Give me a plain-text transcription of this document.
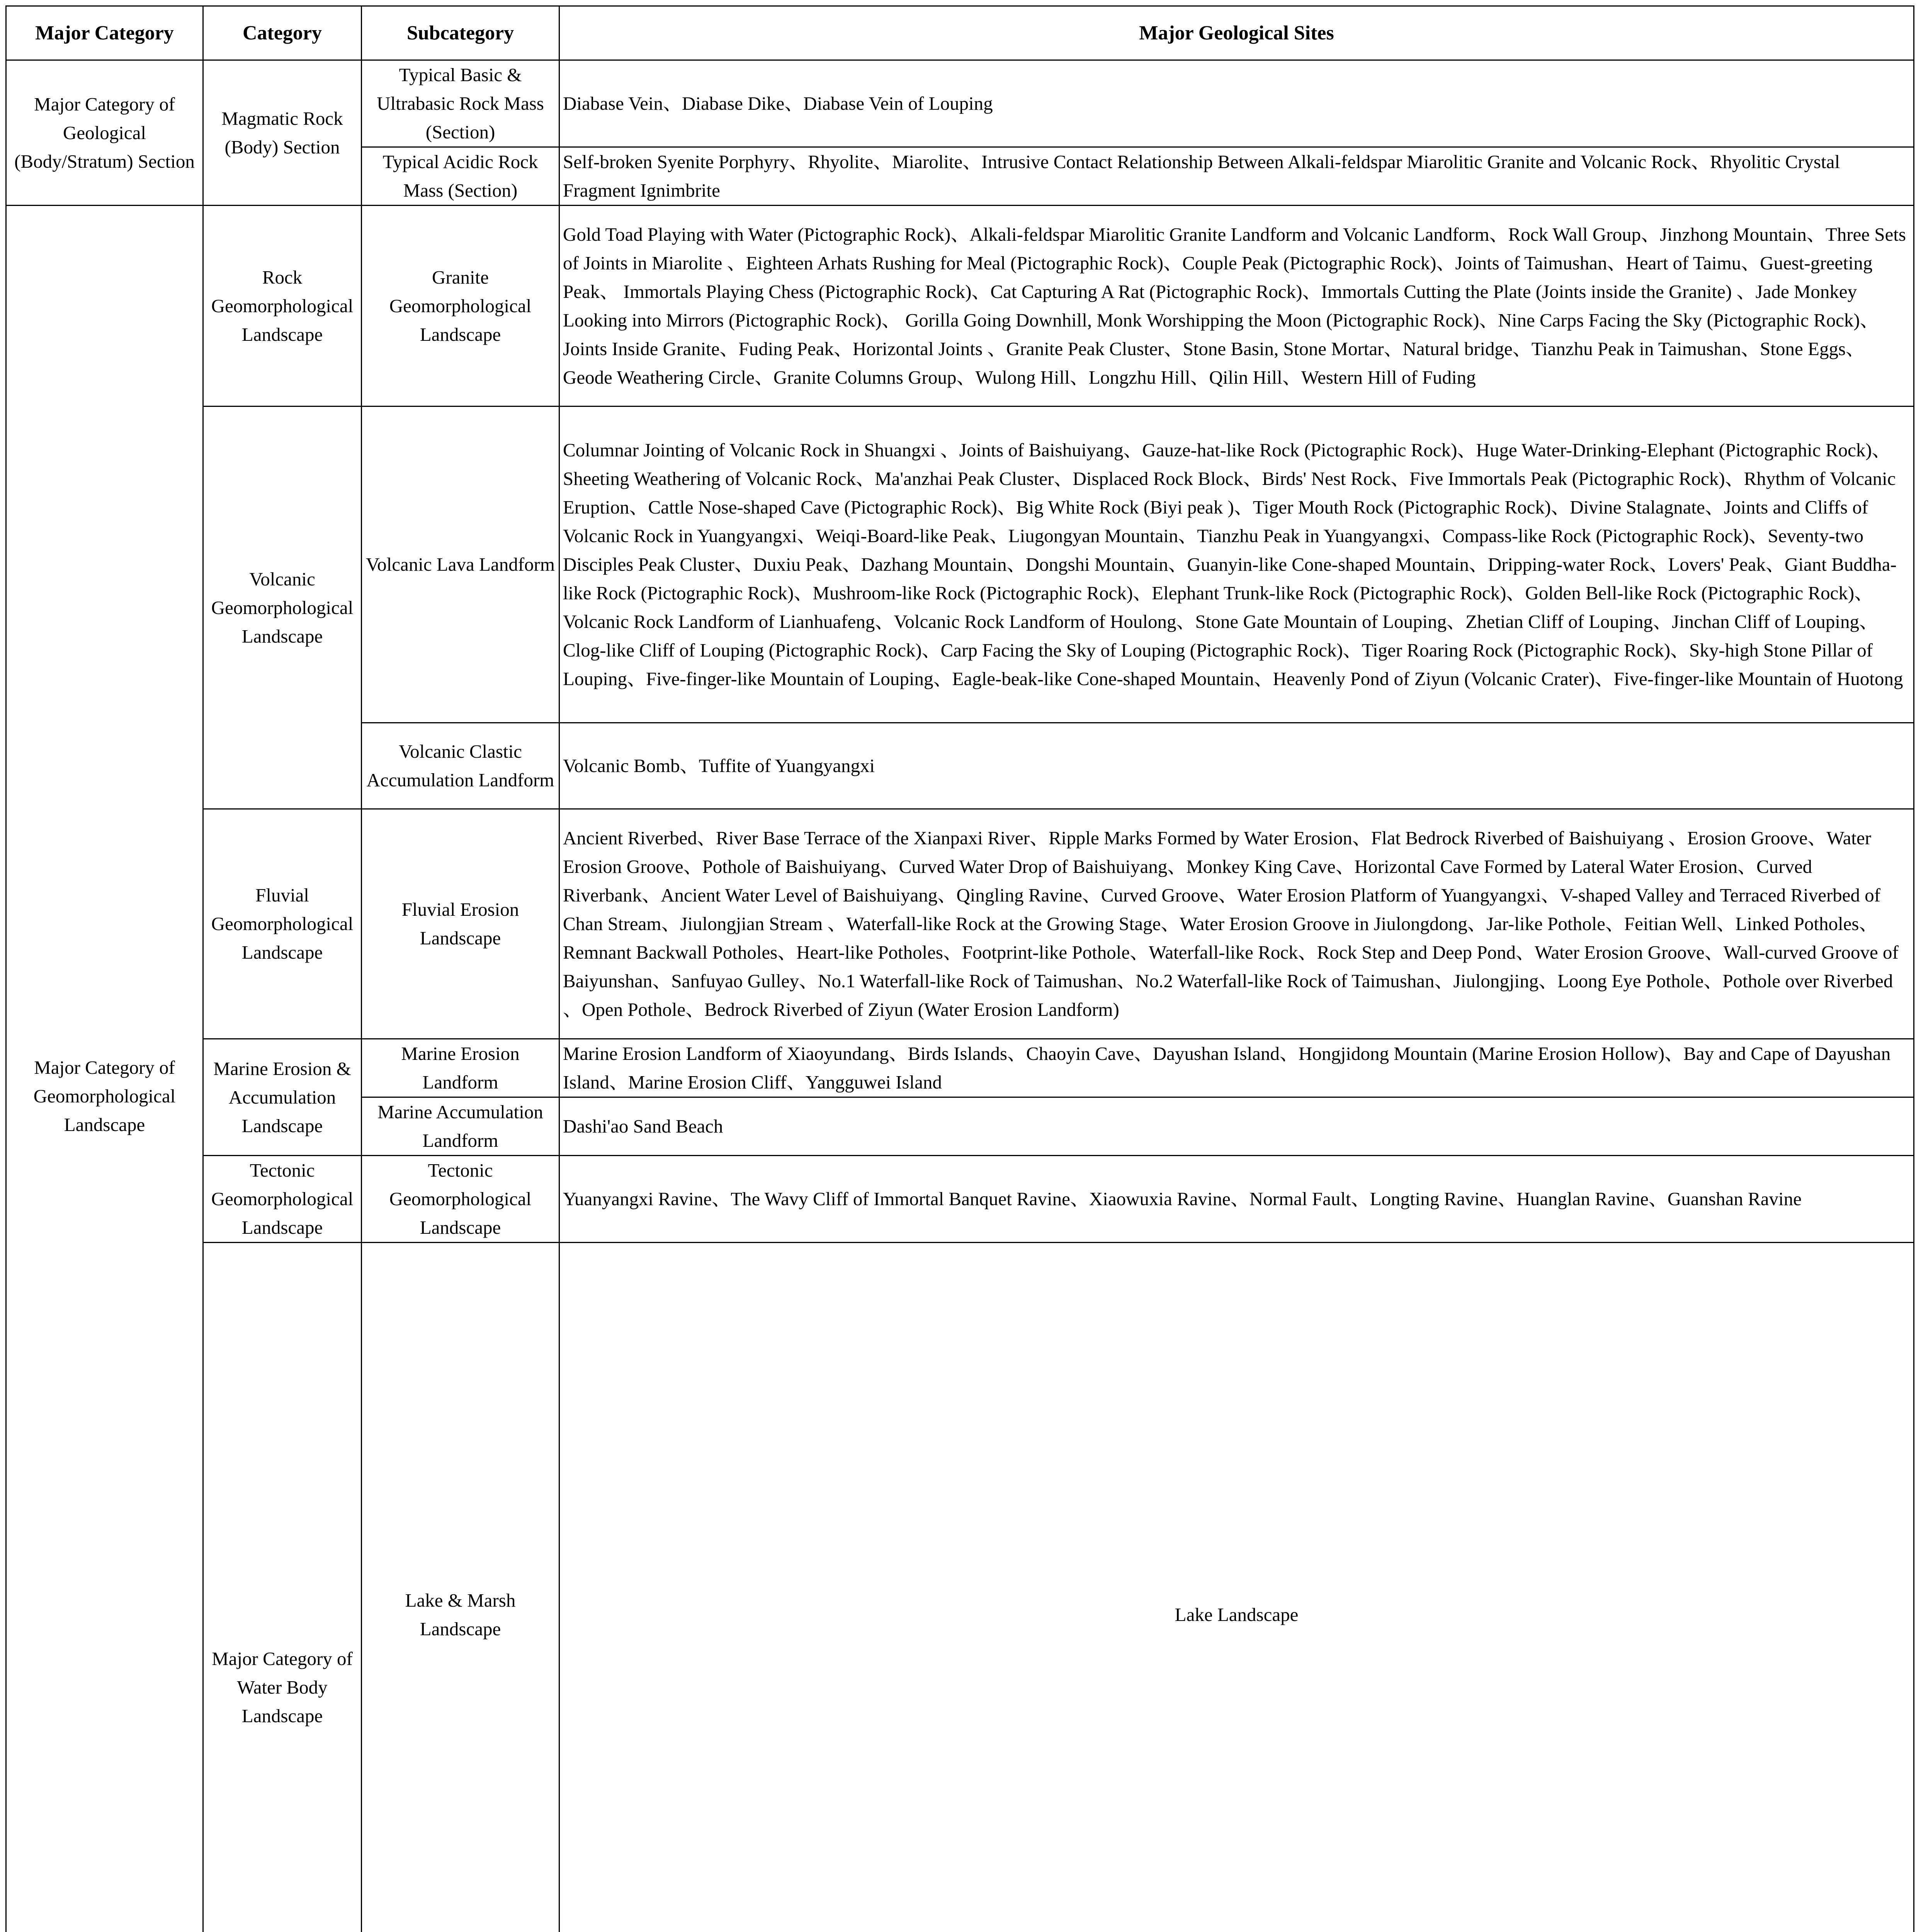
Major Category	Category	Subcategory	Major Geological Sites	
Major Category of Geological (Body/Stratum) Section	Magmatic Rock (Body) Section	Typical Basic & Ultrabasic Rock Mass (Section)	Diabase Vein、Diabase Dike、Diabase Vein of Louping	
		Typical Acidic Rock Mass (Section)	Self-broken Syenite Porphyry、Rhyolite、Miarolite、Intrusive Contact Relationship Between Alkali-feldspar Miarolitic Granite and Volcanic Rock、Rhyolitic Crystal Fragment Ignimbrite	
Major Category of Geomorphological Landscape	Rock Geomorphological Landscape	Granite Geomorphological Landscape	Gold Toad Playing with Water (Pictographic Rock)、Alkali-feldspar Miarolitic Granite Landform and Volcanic Landform、Rock Wall Group、Jinzhong Mountain、Three Sets of Joints in Miarolite 、Eighteen Arhats Rushing for Meal (Pictographic Rock)、Couple Peak (Pictographic Rock)、Joints of Taimushan、Heart of Taimu、Guest-greeting Peak、 Immortals Playing Chess (Pictographic Rock)、Cat Capturing A Rat (Pictographic Rock)、Immortals Cutting the Plate (Joints inside the Granite) 、Jade Monkey Looking into Mirrors (Pictographic Rock)、 Gorilla Going Downhill, Monk Worshipping the Moon (Pictographic Rock)、Nine Carps Facing the Sky (Pictographic Rock)、Joints Inside Granite、Fuding Peak、Horizontal Joints 、Granite Peak Cluster、Stone Basin, Stone Mortar、Natural bridge、Tianzhu Peak in Taimushan、Stone Eggs、Geode Weathering Circle、Granite Columns Group、Wulong Hill、Longzhu Hill、Qilin Hill、Western Hill of Fuding	
	Volcanic Geomorphological Landscape	Volcanic Lava Landform	Columnar Jointing of Volcanic Rock in Shuangxi 、Joints of Baishuiyang、Gauze-hat-like Rock (Pictographic Rock)、Huge Water-Drinking-Elephant (Pictographic Rock)、Sheeting Weathering of Volcanic Rock、Ma'anzhai Peak Cluster、Displaced Rock Block、Birds' Nest Rock、Five Immortals Peak (Pictographic Rock)、Rhythm of Volcanic Eruption、Cattle Nose-shaped Cave (Pictographic Rock)、Big White Rock (Biyi peak )、Tiger Mouth Rock (Pictographic Rock)、Divine Stalagnate、Joints and Cliffs of Volcanic Rock in Yuangyangxi、Weiqi-Board-like Peak、Liugongyan Mountain、Tianzhu Peak in Yuangyangxi、Compass-like Rock (Pictographic Rock)、Seventy-two Disciples Peak Cluster、Duxiu Peak、Dazhang Mountain、Dongshi Mountain、Guanyin-like Cone-shaped Mountain、Dripping-water Rock、Lovers' Peak、Giant Buddha-like Rock (Pictographic Rock)、Mushroom-like Rock (Pictographic Rock)、Elephant Trunk-like Rock (Pictographic Rock)、Golden Bell-like Rock (Pictographic Rock)、Volcanic Rock Landform of Lianhuafeng、Volcanic Rock Landform of Houlong、Stone Gate Mountain of Louping、Zhetian Cliff of Louping、Jinchan Cliff of Louping、Clog-like Cliff of Louping (Pictographic Rock)、Carp Facing the Sky of Louping (Pictographic Rock)、Tiger Roaring Rock (Pictographic Rock)、Sky-high Stone Pillar of Louping、Five-finger-like Mountain of Louping、Eagle-beak-like Cone-shaped Mountain、Heavenly Pond of Ziyun (Volcanic Crater)、Five-finger-like Mountain of Huotong	
		Volcanic Clastic Accumulation Landform	Volcanic Bomb、Tuffite of Yuangyangxi	
	Fluvial Geomorphological Landscape	Fluvial Erosion Landscape	Ancient Riverbed、River Base Terrace of the Xianpaxi River、Ripple Marks Formed by Water Erosion、Flat Bedrock Riverbed of Baishuiyang 、Erosion Groove、Water Erosion Groove、Pothole of Baishuiyang、Curved Water Drop of Baishuiyang、Monkey King Cave、Horizontal Cave Formed by Lateral Water Erosion、Curved Riverbank、Ancient Water Level of Baishuiyang、Qingling Ravine、Curved Groove、Water Erosion Platform of Yuangyangxi、V-shaped Valley and Terraced Riverbed of Chan Stream、Jiulongjian Stream 、Waterfall-like Rock at the Growing Stage、Water Erosion Groove in Jiulongdong、Jar-like Pothole、Feitian Well、Linked Potholes、Remnant Backwall Potholes、Heart-like Potholes、Footprint-like Pothole、Waterfall-like Rock、Rock Step and Deep Pond、Water Erosion Groove、Wall-curved Groove of Baiyunshan、Sanfuyao Gulley、No.1 Waterfall-like Rock of Taimushan、No.2 Waterfall-like Rock of Taimushan、Jiulongjing、Loong Eye Pothole、Pothole over Riverbed 、Open Pothole、Bedrock Riverbed of Ziyun (Water Erosion Landform)	
	Marine Erosion & Accumulation Landscape	Marine Erosion Landform	Marine Erosion Landform of Xiaoyundang、Birds Islands、Chaoyin Cave、Dayushan Island、Hongjidong Mountain (Marine Erosion Hollow)、Bay and Cape of Dayushan Island、Marine Erosion Cliff、Yangguwei Island	
		Marine Accumulation Landform	Dashi'ao Sand Beach	
	Tectonic Geomorphological Landscape	Tectonic Geomorphological Landscape	Yuanyangxi Ravine、The Wavy Cliff of Immortal Banquet Ravine、Xiaowuxia Ravine、Normal Fault、Longting Ravine、Huanglan Ravine、Guanshan Ravine	
	Major Category of Water Body Landscape	Lake & Marsh Landscape	Lake Landscape	
